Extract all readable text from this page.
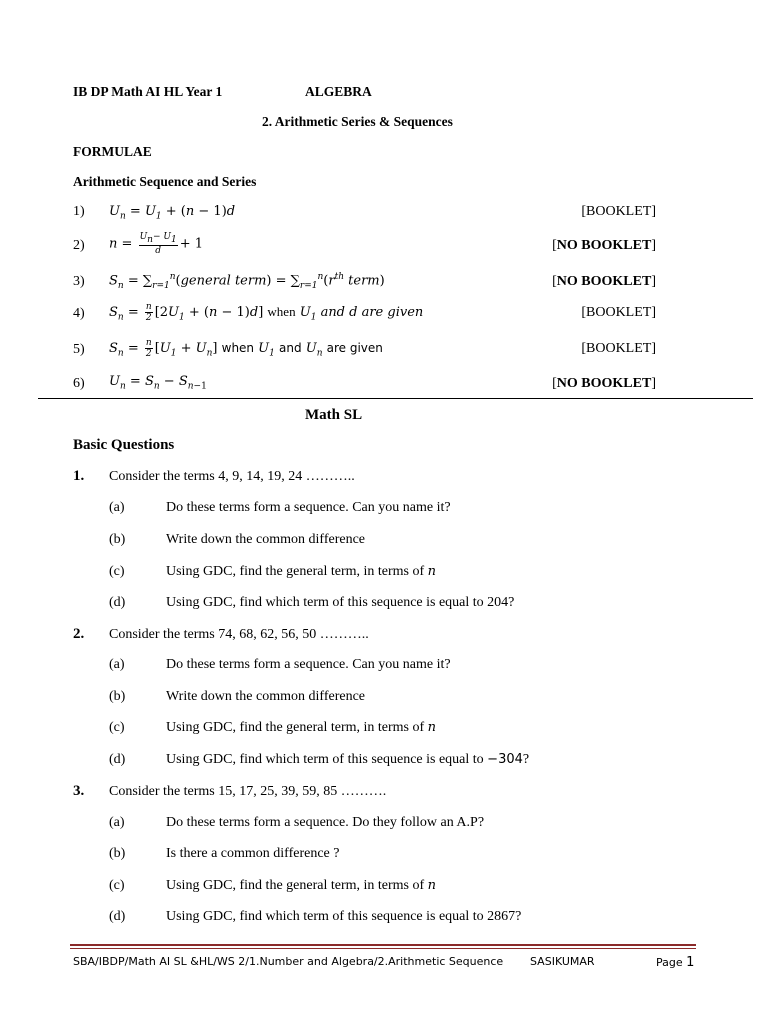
IB DP Math AI HL Year 1	ALGEBRA
2. Arithmetic Series & Sequences
FORMULAE
Arithmetic Sequence and Series
1) $U_n = U_1 + (n - 1)d$	[BOOKLET]
2) $n = \frac{U_n- U_1}{d} + 1$	[NO BOOKLET]
3) $S_n$ = $\sum_{r=1}^n(general$ term) = $\sum_{r=1}^n(r^{th}$ term)	[NO BOOKLET]
4) $S_n = \frac{n}{2} [2U_1 + (n - 1)d]$ when $U_1$ and d are given	[BOOKLET]
5) $S_n = \frac{n}{2} [U_1 + U_n]$ when $U_1$ and $U_n$ are given	[BOOKLET]
6) $U_n = S_n - S_{n-1}$	[NO BOOKLET]
Math SL
Basic Questions
1. Consider the terms 4, 9, 14, 19, 24 ………..
(a)	Do these terms form a sequence. Can you name it?
(b)	Write down the common difference
(c)	Using GDC, find the general term, in terms of n
(d)	Using GDC, find which term of this sequence is equal to 204?
2. Consider the terms 74, 68, 62, 56, 50 ………..
(a)	Do these terms form a sequence. Can you name it?
(b)	Write down the common difference
(c)	Using GDC, find the general term, in terms of n
(d)	Using GDC, find which term of this sequence is equal to −304?
3. Consider the terms 15, 17, 25, 39, 59, 85 ……….
(a)	Do these terms form a sequence. Do they follow an A.P?
(b)	Is there a common difference ?
(c)	Using GDC, find the general term, in terms of n
(d)	Using GDC, find which term of this sequence is equal to 2867?
SBA/IBDP/Math AI SL &HL/WS 2/1.Number and Algebra/2.Arithmetic Sequence SASIKUMAR	Page 1
